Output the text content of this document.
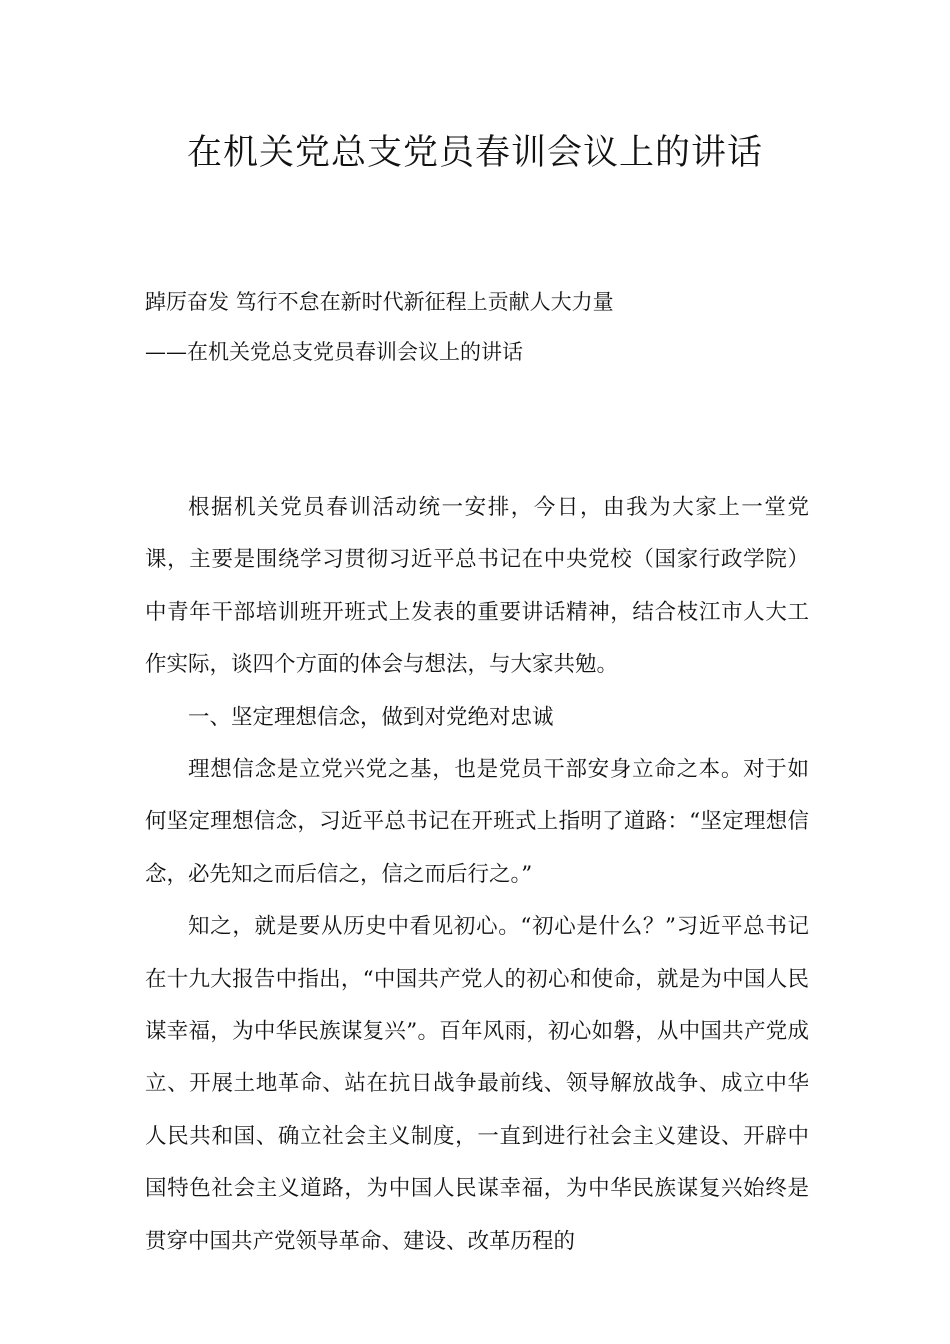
在机关党总支党员春训会议上的讲话

踔厉奋发 笃行不怠在新时代新征程上贡献人大力量

——在机关党总支党员春训会议上的讲话

根据机关党员春训活动统一安排，今日，由我为大家上一堂党课，主要是围绕学习贯彻习近平总书记在中央党校（国家行政学院）中青年干部培训班开班式上发表的重要讲话精神，结合枝江市人大工作实际，谈四个方面的体会与想法，与大家共勉。

一、坚定理想信念，做到对党绝对忠诚

理想信念是立党兴党之基，也是党员干部安身立命之本。对于如何坚定理想信念，习近平总书记在开班式上指明了道路：“坚定理想信念，必先知之而后信之，信之而后行之。”

知之，就是要从历史中看见初心。“初心是什么？”习近平总书记在十九大报告中指出，“中国共产党人的初心和使命，就是为中国人民谋幸福，为中华民族谋复兴”。百年风雨，初心如磐，从中国共产党成立、开展土地革命、站在抗日战争最前线、领导解放战争、成立中华人民共和国、确立社会主义制度，一直到进行社会主义建设、开辟中国特色社会主义道路，为中国人民谋幸福，为中华民族谋复兴始终是贯穿中国共产党领导革命、建设、改革历程的
